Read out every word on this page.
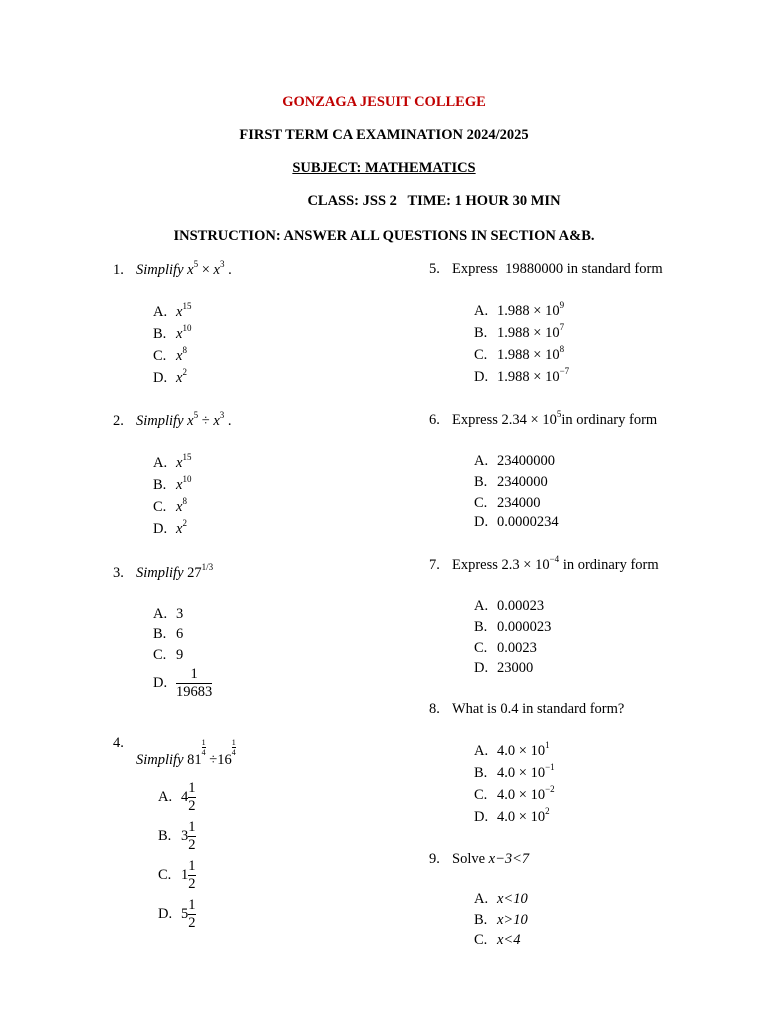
GONZAGA JESUIT COLLEGE
FIRST TERM CA EXAMINATION 2024/2025
SUBJECT: MATHEMATICS
CLASS: JSS 2   TIME: 1 HOUR 30 MIN
INSTRUCTION: ANSWER ALL QUESTIONS IN SECTION A&B.
1. Simplify $x^5 \times x^3$ .
A. $x^{15}$
B. $x^{10}$
C. $x^8$
D. $x^2$
2. Simplify $x^5 \div x^3$ .
A. $x^{15}$
B. $x^{10}$
C. $x^8$
D. $x^2$
3. Simplify $27^{1/3}$
A. 3
B. 6
C. 9
D. $\frac{1}{19683}$
4.
Simplify 81
$\frac{1}{4}$
÷16
$\frac{1}{4}$
A. $4 \frac{1}{2}$
B. $3 \frac{1}{2}$
C. $1 \frac{1}{2}$
D. $5 \frac{1}{2}$
5. Express  19880000 in standard form
A. $1.988 \times 10^9$
B. $1.988 \times 10^7$
C. $1.988 \times 10^8$
D. $1.988 \times 10^{-7}$
6. Express $2.34 \times 10^5in$ ordinary form
A. 23400000
B. 2340000
C. 234000
D. 0.0000234
7. Express $2.3 \times 10^{-4}$ in ordinary form
A. 0.00023
B. 0.000023
C. 0.0023
D. 23000
8. What is 0.4 in standard form?
A. $4.0 \times 10^1$
B. $4.0 \times 10^{-1}$
C. $4.0 \times 10^{-2}$
D. $4.0 \times 10^2$
9. Solve x−3<7
A. x<10
B. x>10
C. x<4
